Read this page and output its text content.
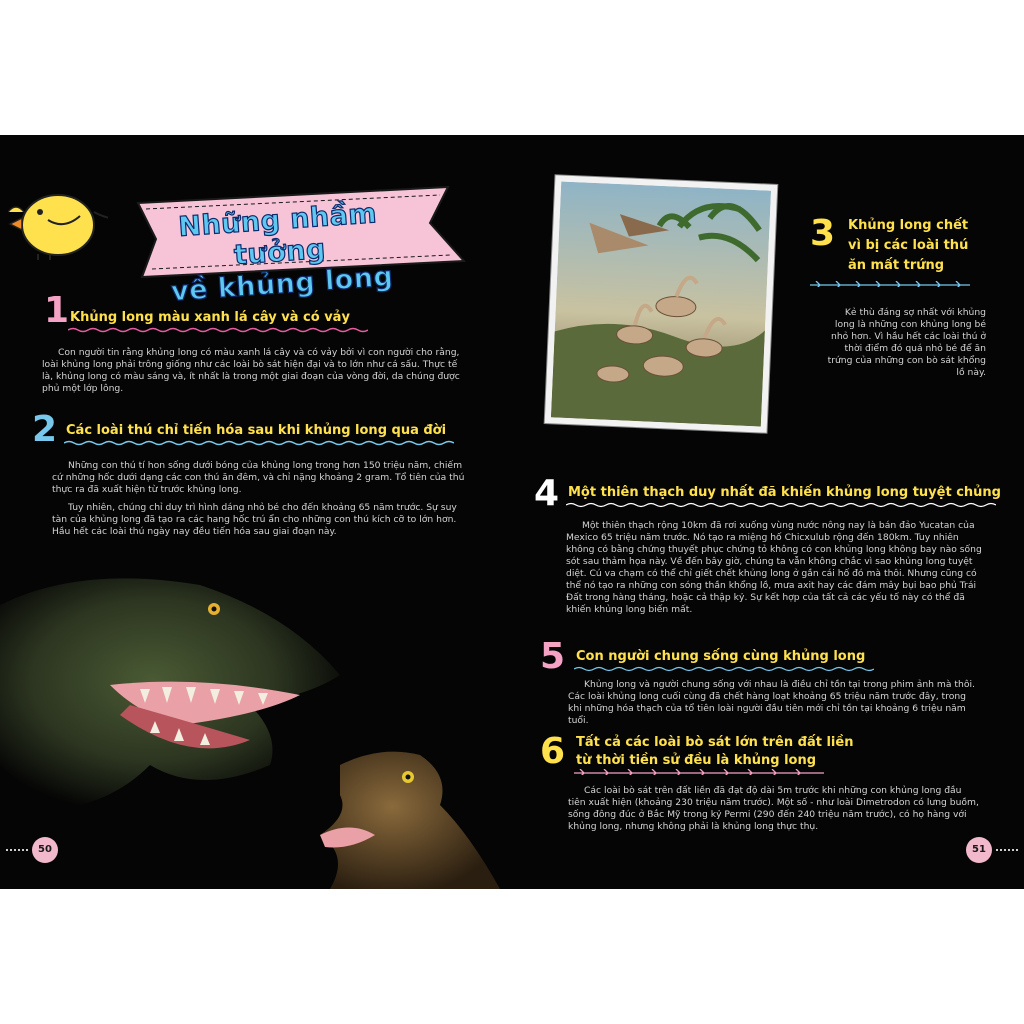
Những nhầm tưởng
về khủng long
1 Khủng long màu xanh lá cây và có vảy

Con người tin rằng khủng long có màu xanh lá cây và có vảy bởi vì con người cho rằng, loài khủng long phải trông giống như các loài bò sát hiện đại và to lớn như cá sấu. Thực tế là, khủng long có màu sáng và, ít nhất là trong một giai đoạn của vòng đời, da chúng được phủ một lớp lông.

2 Các loài thú chỉ tiến hóa sau khi khủng long qua đời

Những con thú tí hon sống dưới bóng của khủng long trong hơn 150 triệu năm, chiếm cứ những hốc dưới dạng các con thú ăn đêm, và chỉ nặng khoảng 2 gram. Tổ tiên của thú thực ra đã xuất hiện từ trước khủng long.

Tuy nhiên, chúng chỉ duy trì hình dáng nhỏ bé cho đến khoảng 65 năm trước. Sự suy tàn của khủng long đã tạo ra các hang hốc trú ẩn cho những con thú kích cỡ to lớn hơn. Hầu hết các loài thú ngày nay đều tiến hóa sau giai đoạn này.

50
3 Khủng long chết
vì bị các loài thú
ăn mất trứng

Kẻ thù đáng sợ nhất với khủng long là những con khủng long bé nhỏ hơn. Vì hầu hết các loài thú ở thời điểm đó quá nhỏ bé để ăn trứng của những con bò sát khổng lồ này.

4 Một thiên thạch duy nhất đã khiến khủng long tuyệt chủng

Một thiên thạch rộng 10km đã rơi xuống vùng nước nông nay là bán đảo Yucatan của Mexico 65 triệu năm trước. Nó tạo ra miệng hố Chicxulub rộng đến 180km. Tuy nhiên không có bằng chứng thuyết phục chứng tỏ không có con khủng long không bay nào sống sót sau thảm họa này. Về đến bây giờ, chúng ta vẫn không chắc vì sao khủng long tuyệt diệt. Cú va chạm có thể chỉ giết chết khủng long ở gần cái hố đó mà thôi. Nhưng cũng có thể nó tạo ra những con sóng thần khổng lồ, mưa axit hay các đám mây bụi bao phủ Trái Đất trong hàng tháng, hoặc cả thập kỷ. Sự kết hợp của tất cả các yếu tố này có thể đã khiến khủng long biến mất.

5 Con người chung sống cùng khủng long

Khủng long và người chung sống với nhau là điều chỉ tồn tại trong phim ảnh mà thôi. Các loài khủng long cuối cùng đã chết hàng loạt khoảng 65 triệu năm trước đây, trong khi những hóa thạch của tổ tiên loài người đầu tiên mới chỉ tồn tại khoảng 6 triệu năm tuổi.

6 Tất cả các loài bò sát lớn trên đất liền
từ thời tiền sử đều là khủng long

Các loài bò sát trên đất liền đã đạt độ dài 5m trước khi những con khủng long đầu tiên xuất hiện (khoảng 230 triệu năm trước). Một số - như loài Dimetrodon có lưng buồm, sống đông đúc ở Bắc Mỹ trong kỷ Permi (290 đến 240 triệu năm trước), có họ hàng với khủng long, nhưng không phải là khủng long thực thụ.

51
